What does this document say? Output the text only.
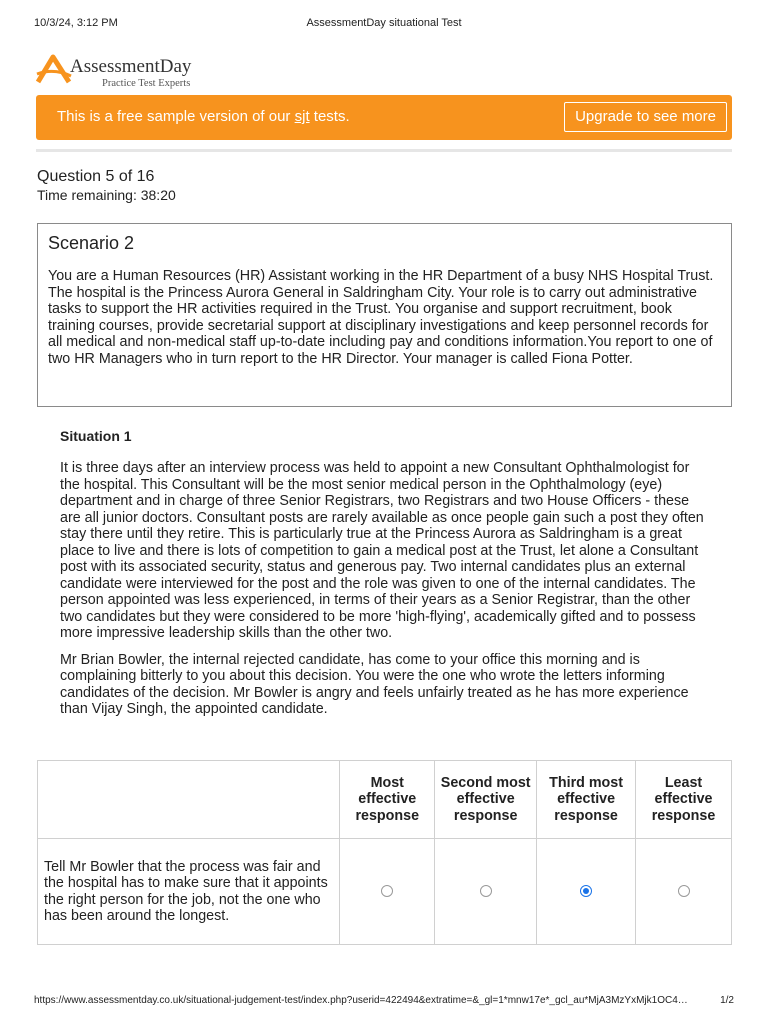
10/3/24, 3:12 PM	AssessmentDay situational Test
AssessmentDay
Practice Test Experts
This is a free sample version of our sjt tests.	Upgrade to see more
Question 5 of 16
Time remaining: 38:20
Scenario 2

You are a Human Resources (HR) Assistant working in the HR Department of a busy NHS Hospital Trust. The hospital is the Princess Aurora General in Saldringham City. Your role is to carry out administrative tasks to support the HR activities required in the Trust. You organise and support recruitment, book training courses, provide secretarial support at disciplinary investigations and keep personnel records for all medical and non-medical staff up-to-date including pay and conditions information.You report to one of two HR Managers who in turn report to the HR Director. Your manager is called Fiona Potter.

Situation 1

It is three days after an interview process was held to appoint a new Consultant Ophthalmologist for the hospital. This Consultant will be the most senior medical person in the Ophthalmology (eye) department and in charge of three Senior Registrars, two Registrars and two House Officers - these are all junior doctors. Consultant posts are rarely available as once people gain such a post they often stay there until they retire. This is particularly true at the Princess Aurora as Saldringham is a great place to live and there is lots of competition to gain a medical post at the Trust, let alone a Consultant post with its associated security, status and generous pay. Two internal candidates plus an external candidate were interviewed for the post and the role was given to one of the internal candidates. The person appointed was less experienced, in terms of their years as a Senior Registrar, than the other two candidates but they were considered to be more 'high-flying', academically gifted and to possess more impressive leadership skills than the other two.

Mr Brian Bowler, the internal rejected candidate, has come to your office this morning and is complaining bitterly to you about this decision. You were the one who wrote the letters informing candidates of the decision. Mr Bowler is angry and feels unfairly treated as he has more experience than Vijay Singh, the appointed candidate.

	Most effective response	Second most effective response	Third most effective response	Least effective response
Tell Mr Bowler that the process was fair and the hospital has to make sure that it appoints the right person for the job, not the one who has been around the longest.				
https://www.assessmentday.co.uk/situational-judgement-test/index.php?userid=422494&extratime=&_gl=1*mnw17e*_gcl_au*MjA3MzYxMjk1OC4…	1/2
